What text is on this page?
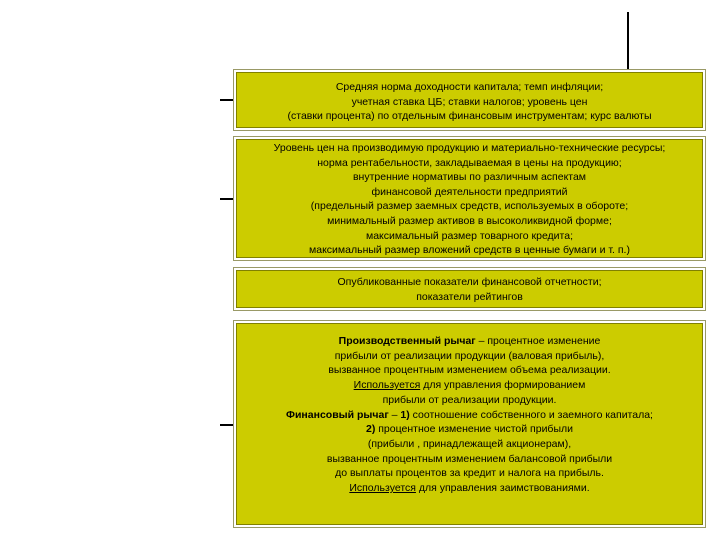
Средняя норма доходности капитала; темп инфляции;
учетная ставка ЦБ; ставки налогов; уровень цен
(ставки процента) по отдельным финансовым инструментам; курс валюты
Уровень цен на производимую продукцию и материально-технические ресурсы;
норма рентабельности, закладываемая в цены на продукцию;
внутренние нормативы по различным аспектам
финансовой деятельности предприятий
(предельный размер заемных средств, используемых в обороте;
минимальный размер активов в высоколиквидной форме;
максимальный размер товарного кредита;
максимальный размер вложений средств в ценные бумаги и т. п.)
Опубликованные показатели финансовой отчетности;
показатели рейтингов
Производственный рычаг – процентное изменение
прибыли от реализации продукции (валовая прибыль),
вызванное процентным изменением объема реализации.
Используется для управления формированием
прибыли от реализации продукции.
Финансовый рычаг – 1) соотношение собственного и заемного капитала;
2) процентное изменение чистой прибыли
(прибыли , принадлежащей акционерам),
вызванное процентным изменением балансовой прибыли
до выплаты процентов за кредит и налога на прибыль.
Используется для управления заимствованиями.
